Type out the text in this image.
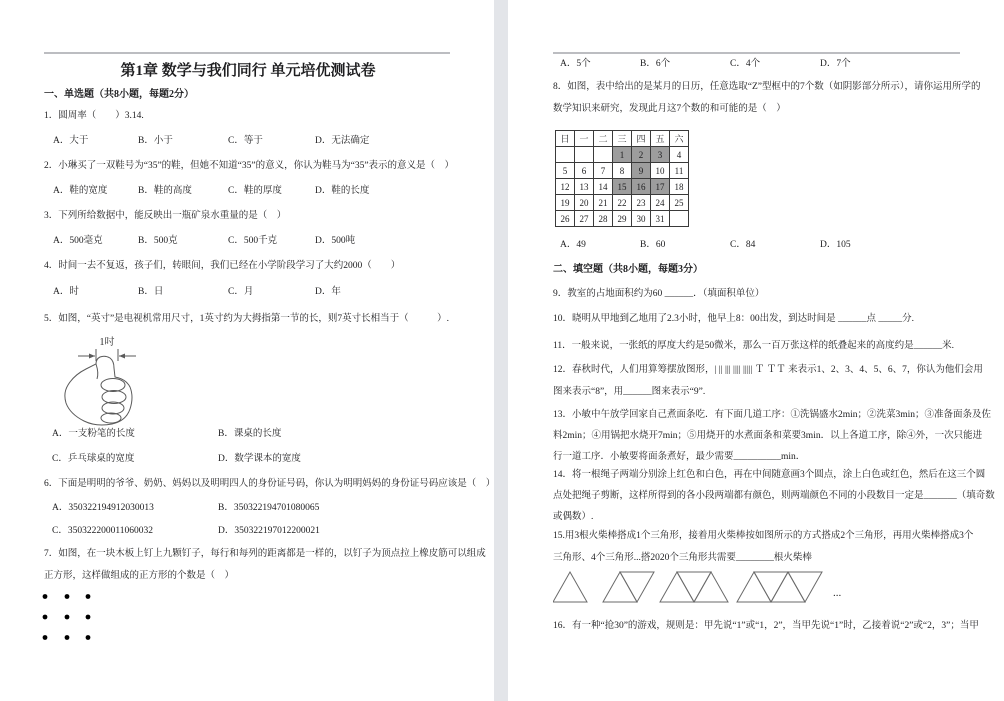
第1章 数学与我们同行 单元培优测试卷
一、单选题（共8小题，每题2分）
1．圆周率（　　）3.14.
A．大于	B．小于	C．等于	D．无法确定
2．小琳买了一双鞋号为“35”的鞋，但她不知道“35”的意义，你认为鞋马为“35”表示的意义是（　）
A．鞋的宽度	B．鞋的高度	C．鞋的厚度	D．鞋的长度
3．下列所给数据中，能反映出一瓶矿泉水重量的是（　）
A．500毫克	B．500克	C．500千克	D．500吨
4．时间一去不复返，孩子们，转眼间，我们已经在小学阶段学习了大约2000（　　）
A．时	B．日	C．月	D．年
5．如图，“英寸”是电视机常用尺寸，1英寸约为大拇指第一节的长，则7英寸长相当于（　　　）.
1吋
A．一支粉笔的长度	B．课桌的长度
C．乒乓球桌的宽度	D．数学课本的宽度
6．下面是明明的爷爷、奶奶、妈妈以及明明四人的身份证号码，你认为明明妈妈的身份证号码应该是（　）
A．350322194912030013	B．350322194701080065
C．350322200011060032	D．350322197012200021
7．如图，在一块木板上钉上九颗钉子，每行和每列的距离都是一样的，以钉子为顶点拉上橡皮筋可以组成
正方形，这样做组成的正方形的个数是（　）
A．5个	B．6个	C．4个	D．7个
8．如图，表中给出的是某月的日历，任意选取“Z”型框中的7个数（如阴影部分所示），请你运用所学的
数学知识来研究，发现此月这7个数的和可能的是（　）
日	一	二	三	四	五	六
			1	2	3	4
5	6	7	8	9	10	11
12	13	14	15	16	17	18
19	20	21	22	23	24	25
26	27	28	29	30	31	
A．49	B．60	C．84	D．105
二、填空题（共8小题，每题3分）
9．教室的占地面积约为60 ______．（填面积单位）
10．晓明从甲地到乙地用了2.3小时，他早上8：00出发，到达时间是 ______点 _____分.
11．一般来说，一张纸的厚度大约是50微米，那么一百万张这样的纸叠起来的高度约是______米.
12．春秋时代，人们用算筹摆放图形，| || ||| |||| ||||| Ｔ ＴＴ 来表示1、2、3、4、5、6、7，你认为他们会用
图来表示“8”，用______图来表示“9”.
13．小敏中午放学回家自己煮面条吃．有下面几道工序：①洗锅盛水2min；②洗菜3min；③准备面条及佐
料2min；④用锅把水烧开7min；⑤用烧开的水煮面条和菜要3min．以上各道工序，除④外，一次只能进
行一道工序．小敏要将面条煮好，最少需要__________min．
14．将一根绳子两端分别涂上红色和白色，再在中间随意画3个圆点，涂上白色或红色，然后在这三个圆
点处把绳子剪断，这样所得到的各小段两端都有颜色，则两端颜色不同的小段数目一定是_______（填奇数
或偶数）.
15.用3根火柴棒搭成1个三角形，接着用火柴棒按如图所示的方式搭成2个三角形，再用火柴棒搭成3个
三角形、4个三角形...搭2020个三角形共需要________根火柴棒
...
16．有一种“抢30”的游戏，规则是：甲先说“1”或“1，2”，当甲先说“1”时，乙接着说“2”或“2，3”；当甲
